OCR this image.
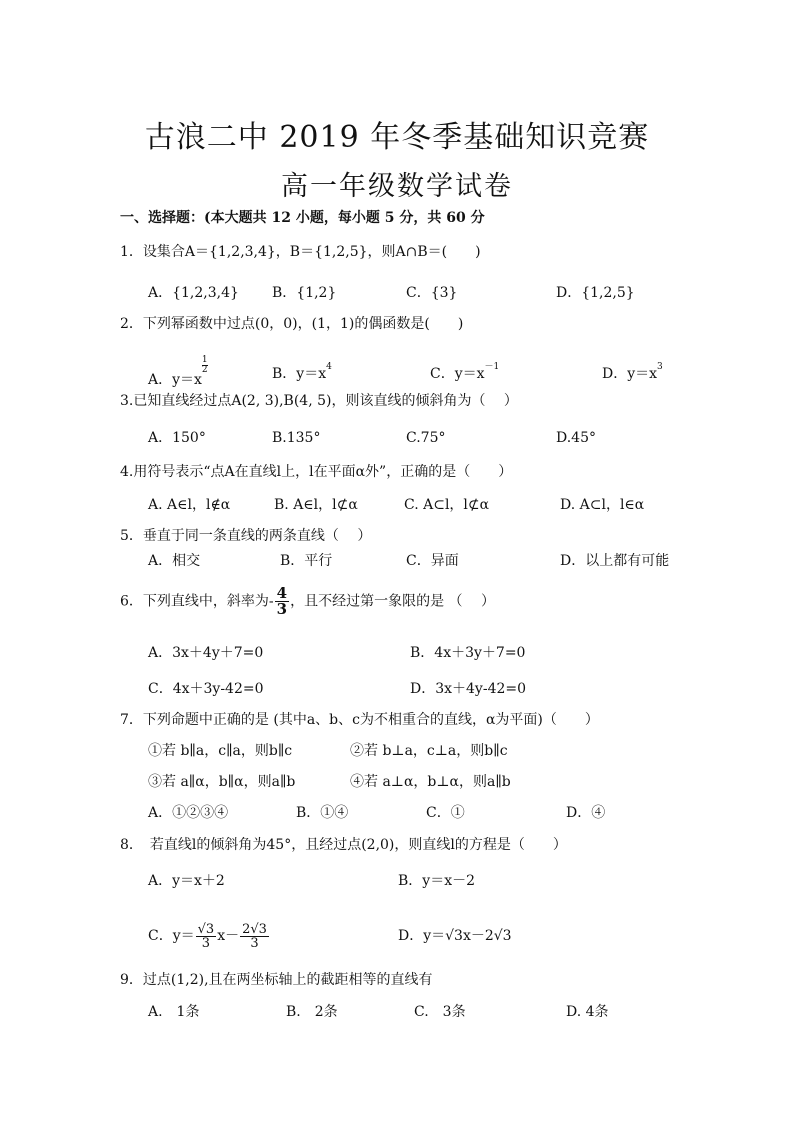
古浪二中 2019 年冬季基础知识竞赛
高一年级数学试卷
一、选择题：(本大题共 12 小题，每小题 5 分，共 60 分
1．设集合A＝{1,2,3,4}，B＝{1,2,5}，则A∩B＝(　　)
A．{1,2,3,4} B．{1,2}	C．{3}	D．{1,2,5}
2．下列幂函数中过点(0，0)，(1，1)的偶函数是(　　)
A．y＝x
$\frac{1}{2}$	B．$y=x^4$	C．$y=x^{-1}$	D．$y=x^3$
3.已知直线经过点A(2, 3),B(4, 5)，则该直线的倾斜角为（　 ）
A．150°	B.135°	C.75°	D.45°
4.用符号表示“点A在直线l上，l在平面α外”，正确的是（　　）
A. A∈l，l∉α	B. A∈l，l⊄α	C. A⊂l，l⊄α	D. A⊂l，l∈α
5．垂直于同一条直线的两条直线（　 ）
A．相交	B．平行	C．异面	D．以上都有可能
6．下列直线中，斜率为- $\frac{4}{3}$ ，且不经过第一象限的是 （　 ）
A．3x＋4y＋7=0	B．4x＋3y＋7=0
C．4x＋3y-42=0	D．3x＋4y-42=0
7．下列命题中正确的是 (其中a、b、c为不相重合的直线，α为平面)（　　）
①若 b∥a，c∥a，则b∥c	②若 b⊥a，c⊥a，则b∥c
③若 a∥α，b∥α，则a∥b	④若 a⊥α，b⊥α，则a∥b
A．①②③④	B．①④	C．①	D．④
8．　若直线l的倾斜角为45°，且经过点(2,0)，则直线l的方程是（　　）
A．y＝x＋2	B．y＝x－2
C．$y= \frac{√3}{3} x- \frac{2√3}{3}$	D．y＝√3x－2√3
9．过点(1,2),且在两坐标轴上的截距相等的直线有
A.　1条	B.　2条	C.　3条	D. 4条
